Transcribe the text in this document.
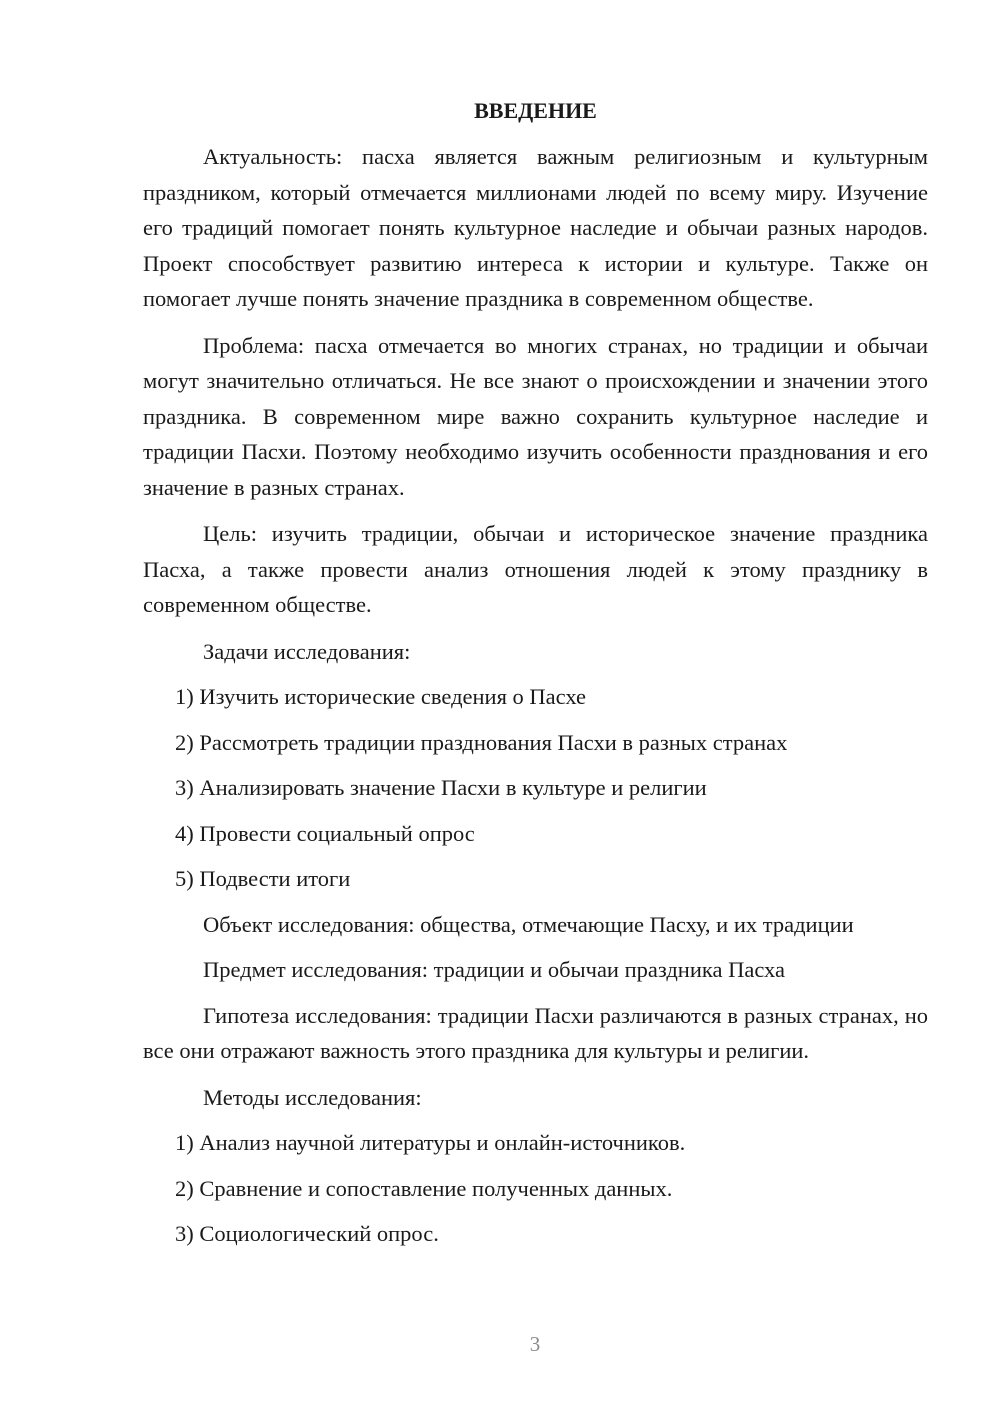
ВВЕДЕНИЕ

Актуальность: пасха является важным религиозным и культурным праздником, который отмечается миллионами людей по всему миру. Изучение его традиций помогает понять культурное наследие и обычаи разных народов. Проект способствует развитию интереса к истории и культуре. Также он помогает лучше понять значение праздника в современном обществе.

Проблема: пасха отмечается во многих странах, но традиции и обычаи могут значительно отличаться. Не все знают о происхождении и значении этого праздника. В современном мире важно сохранить культурное наследие и традиции Пасхи. Поэтому необходимо изучить особенности празднования и его значение в разных странах.

Цель: изучить традиции, обычаи и историческое значение праздника Пасха, а также провести анализ отношения людей к этому празднику в современном обществе.

Задачи исследования:
1) Изучить исторические сведения о Пасхе
2) Рассмотреть традиции празднования Пасхи в разных странах
3) Анализировать значение Пасхи в культуре и религии
4) Провести социальный опрос
5) Подвести итоги
Объект исследования: общества, отмечающие Пасху, и их традиции
Предмет исследования: традиции и обычаи праздника Пасха

Гипотеза исследования: традиции Пасхи различаются в разных странах, но все они отражают важность этого праздника для культуры и религии.

Методы исследования:
1) Анализ научной литературы и онлайн-источников.
2) Сравнение и сопоставление полученных данных.
3) Социологический опрос.
3
